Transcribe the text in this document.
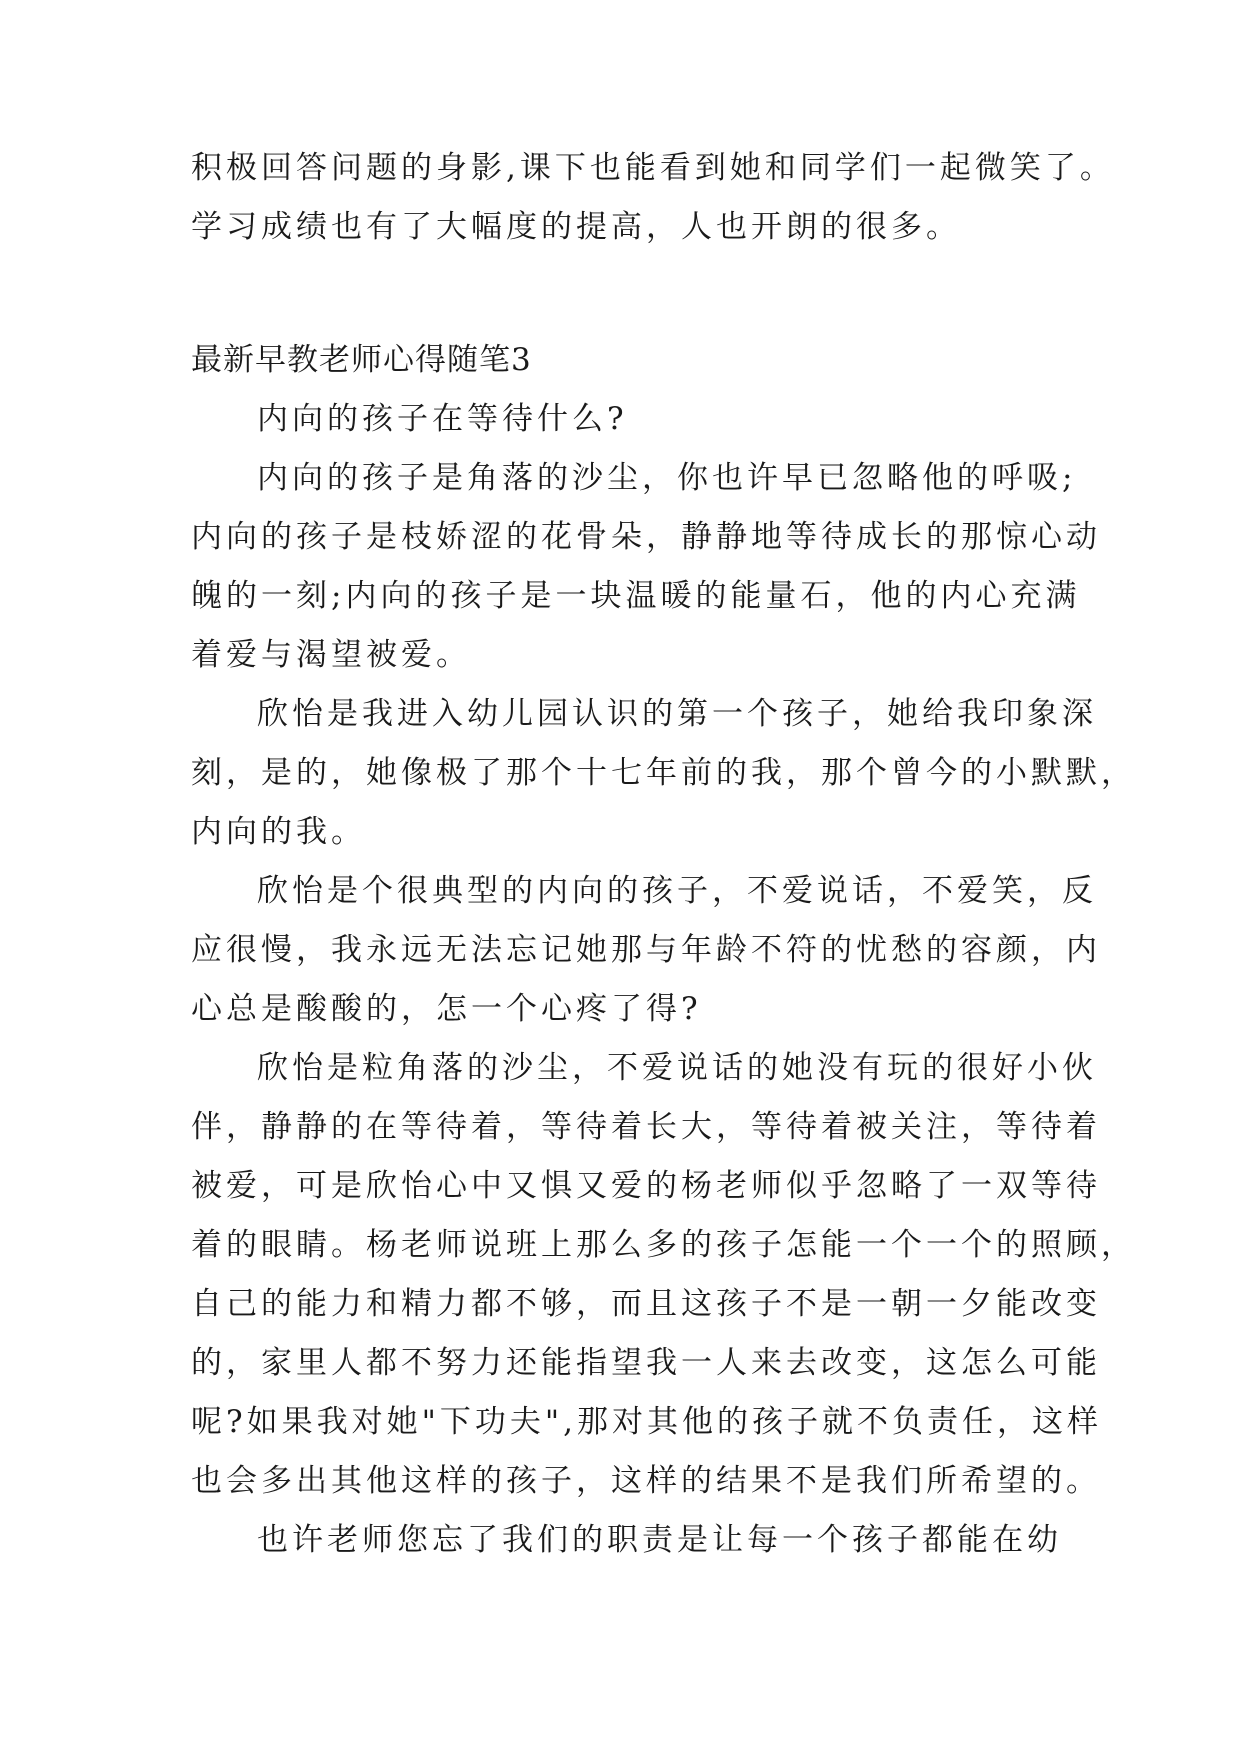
积极回答问题的身影,课下也能看到她和同学们一起微笑了。
学习成绩也有了大幅度的提高，人也开朗的很多。
最新早教老师心得随笔3
内向的孩子在等待什么?
内向的孩子是角落的沙尘，你也许早已忽略他的呼吸;
内向的孩子是枝娇涩的花骨朵，静静地等待成长的那惊心动
魄的一刻;内向的孩子是一块温暖的能量石，他的内心充满
着爱与渴望被爱。
欣怡是我进入幼儿园认识的第一个孩子，她给我印象深
刻，是的，她像极了那个十七年前的我，那个曾今的小默默，
内向的我。
欣怡是个很典型的内向的孩子，不爱说话，不爱笑，反
应很慢，我永远无法忘记她那与年龄不符的忧愁的容颜，内
心总是酸酸的，怎一个心疼了得?
欣怡是粒角落的沙尘，不爱说话的她没有玩的很好小伙
伴，静静的在等待着，等待着长大，等待着被关注，等待着
被爱，可是欣怡心中又惧又爱的杨老师似乎忽略了一双等待
着的眼睛。杨老师说班上那么多的孩子怎能一个一个的照顾，
自己的能力和精力都不够，而且这孩子不是一朝一夕能改变
的，家里人都不努力还能指望我一人来去改变，这怎么可能
呢?如果我对她"下功夫",那对其他的孩子就不负责任，这样
也会多出其他这样的孩子，这样的结果不是我们所希望的。
也许老师您忘了我们的职责是让每一个孩子都能在幼
